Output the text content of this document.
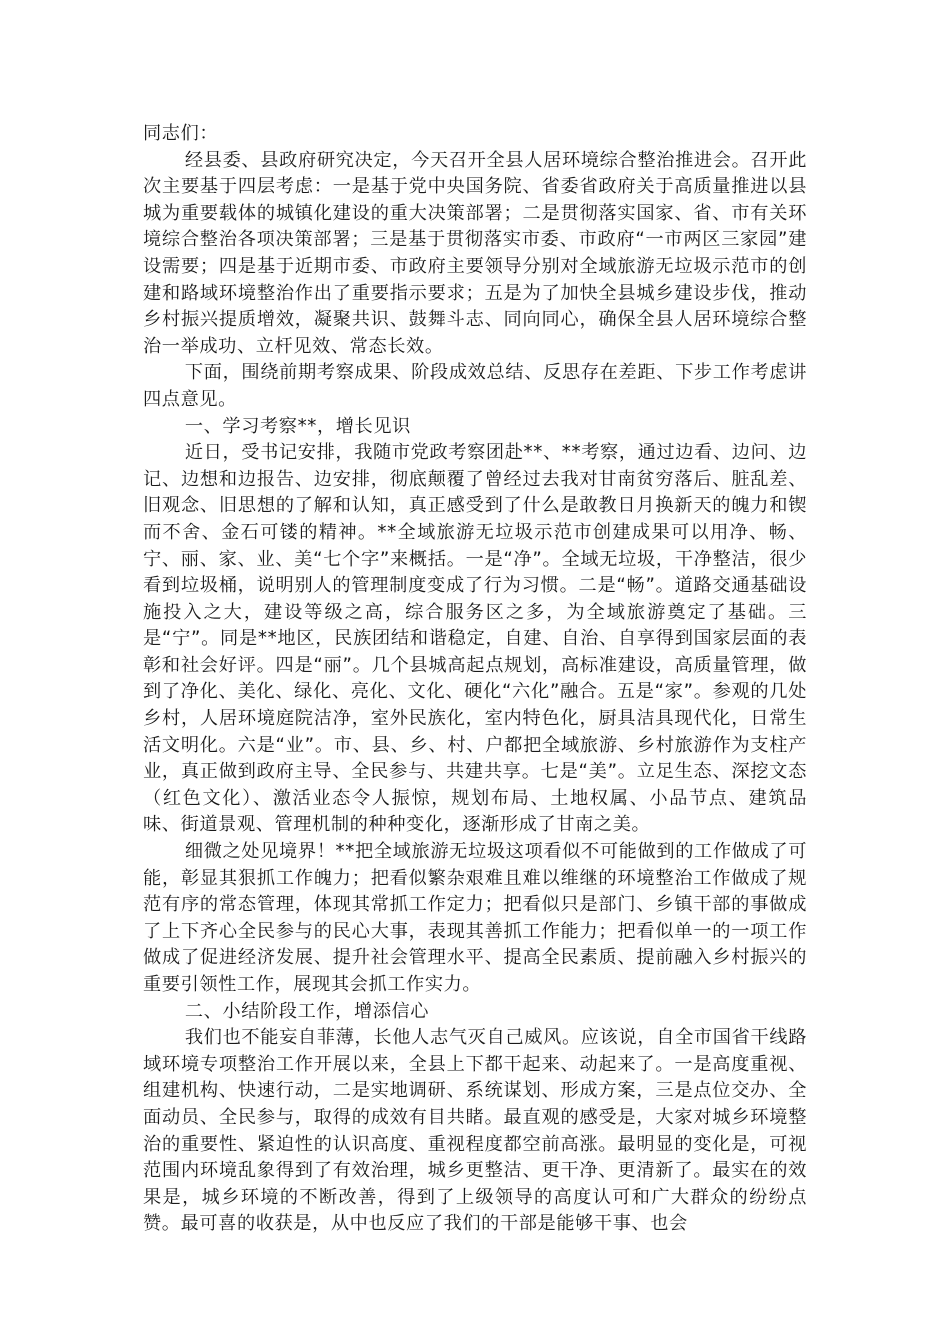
同志们：

经县委、县政府研究决定，今天召开全县人居环境综合整治推进会。召开此次主要基于四层考虑：一是基于党中央国务院、省委省政府关于高质量推进以县城为重要载体的城镇化建设的重大决策部署；二是贯彻落实国家、省、市有关环境综合整治各项决策部署；三是基于贯彻落实市委、市政府“一市两区三家园”建设需要；四是基于近期市委、市政府主要领导分别对全域旅游无垃圾示范市的创建和路域环境整治作出了重要指示要求；五是为了加快全县城乡建设步伐，推动乡村振兴提质增效，凝聚共识、鼓舞斗志、同向同心，确保全县人居环境综合整治一举成功、立杆见效、常态长效。

下面，围绕前期考察成果、阶段成效总结、反思存在差距、下步工作考虑讲四点意见。

一、学习考察**，增长见识

近日，受书记安排，我随市党政考察团赴**、**考察，通过边看、边问、边记、边想和边报告、边安排，彻底颠覆了曾经过去我对甘南贫穷落后、脏乱差、旧观念、旧思想的了解和认知，真正感受到了什么是敢教日月换新天的魄力和锲而不舍、金石可镂的精神。**全域旅游无垃圾示范市创建成果可以用净、畅、宁、丽、家、业、美“七个字”来概括。一是“净”。全域无垃圾，干净整洁，很少看到垃圾桶，说明别人的管理制度变成了行为习惯。二是“畅”。道路交通基础设施投入之大，建设等级之高，综合服务区之多，为全域旅游奠定了基础。三是“宁”。同是**地区，民族团结和谐稳定，自建、自治、自享得到国家层面的表彰和社会好评。四是“丽”。几个县城高起点规划，高标准建设，高质量管理，做到了净化、美化、绿化、亮化、文化、硬化“六化”融合。五是“家”。参观的几处乡村，人居环境庭院洁净，室外民族化，室内特色化，厨具洁具现代化，日常生活文明化。六是“业”。市、县、乡、村、户都把全域旅游、乡村旅游作为支柱产业，真正做到政府主导、全民参与、共建共享。七是“美”。立足生态、深挖文态（红色文化）、激活业态令人振惊，规划布局、土地权属、小品节点、建筑品味、街道景观、管理机制的种种变化，逐渐形成了甘南之美。

细微之处见境界！**把全域旅游无垃圾这项看似不可能做到的工作做成了可能，彰显其狠抓工作魄力；把看似繁杂艰难且难以维继的环境整治工作做成了规范有序的常态管理，体现其常抓工作定力；把看似只是部门、乡镇干部的事做成了上下齐心全民参与的民心大事，表现其善抓工作能力；把看似单一的一项工作做成了促进经济发展、提升社会管理水平、提高全民素质、提前融入乡村振兴的重要引领性工作，展现其会抓工作实力。

二、小结阶段工作，增添信心

我们也不能妄自菲薄，长他人志气灭自己威风。应该说，自全市国省干线路域环境专项整治工作开展以来，全县上下都干起来、动起来了。一是高度重视、组建机构、快速行动，二是实地调研、系统谋划、形成方案，三是点位交办、全面动员、全民参与，取得的成效有目共睹。最直观的感受是，大家对城乡环境整治的重要性、紧迫性的认识高度、重视程度都空前高涨。最明显的变化是，可视范围内环境乱象得到了有效治理，城乡更整洁、更干净、更清新了。最实在的效果是，城乡环境的不断改善，得到了上级领导的高度认可和广大群众的纷纷点赞。最可喜的收获是，从中也反应了我们的干部是能够干事、也会
